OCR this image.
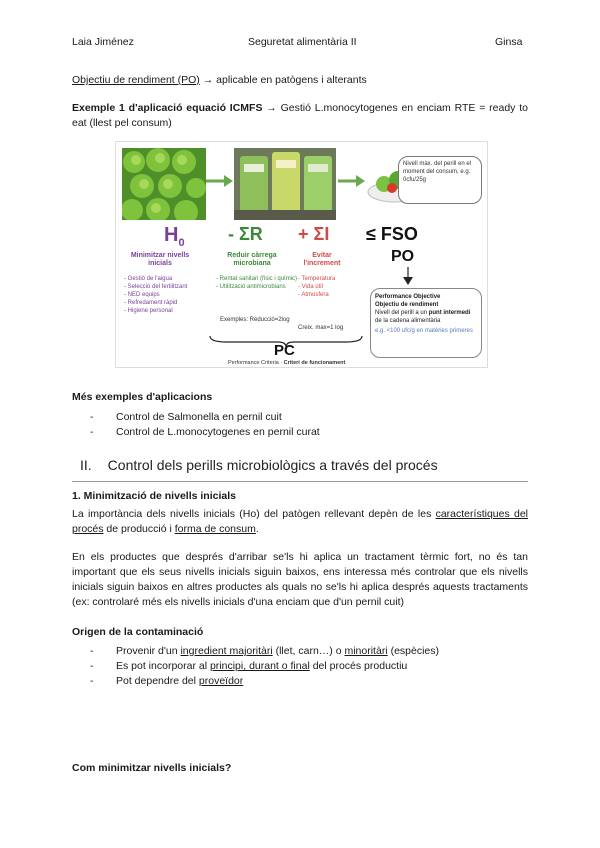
Laia Jiménez	Seguretat alimentària II	Ginsa
Objectiu de rendiment (PO) → aplicable en patògens i alterants
Exemple 1 d'aplicació equació ICMFS → Gestió L.monocytogenes en enciam RTE = ready to eat (llest pel consum)
Nivell màx. del perill en el moment del consum, e.g. 0cfu/25g
$H_0 - \Sigma R + \Sigma I$ ≤ FSO
PO
Minimitzar nivells inicials
- Gestió de l'aigua
- Selecció del fertilitzant
- NED equips
- Refredament ràpid
- Higiene personal
Reduir càrrega microbiana
- Rentat sanitari (físic i químic)
- Utilització antimicrobians
Exemples: Reducció=2log
Evitar l'increment
- Temperatura
- Vida útil
- Atmosfera
Creix. max=1 log
PC
Performance Criteria · Criteri de funcionament
Performance Objective
Objectiu de rendiment
Nivell del perill a un punt intermedi de la cadena alimentària
e.g. <100 ufc/g en matèries primeres
Més exemples d'aplicacions
- Control de Salmonella en pernil cuit
- Control de L.monocytogenes en pernil curat
II. Control dels perills microbiològics a través del procés
1. Minimització de nivells inicials
La importància dels nivells inicials (Ho) del patògen rellevant depèn de les característiques del procés de producció i forma de consum.
En els productes que després d'arribar se'ls hi aplica un tractament tèrmic fort, no és tan important que els seus nivells inicials siguin baixos, ens interessa més controlar que els nivells inicials siguin baixos en altres productes als quals no se'ls hi aplica després aquests tractaments (ex: controlaré més els nivells inicials d'una enciam que d'un pernil cuit)
Origen de la contaminació
- Provenir d'un ingredient majoritàri (llet, carn…) o minoritàri (espècies)
- Es pot incorporar al principi, durant o final del procés productiu
- Pot dependre del proveïdor
Com minimitzar nivells inicials?
